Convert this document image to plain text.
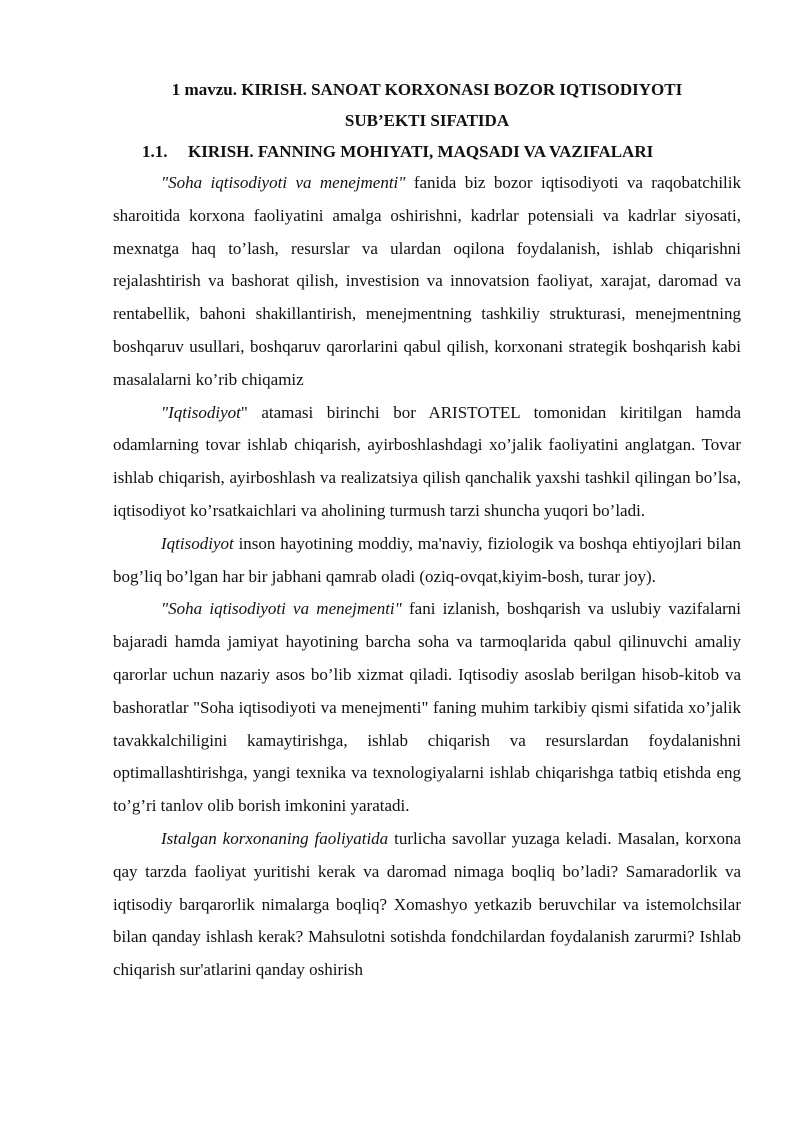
1 mavzu. KIRISH. SANOAT KORXONASI BOZOR IQTISODIYOTI

SUB’EKTI SIFATIDA

1.1. KIRISH. FANNING MOHIYATI, MAQSADI VA VAZIFALARI

"Soha iqtisodiyoti va menejmenti" fanida biz bozor iqtisodiyoti va raqobatchilik sharoitida korxona faoliyatini amalga oshirishni, kadrlar potensiali va kadrlar siyosati, mexnatga haq to’lash, resurslar va ulardan oqilona foydalanish, ishlab chiqarishni rejalashtirish va bashorat qilish, investision va innovatsion faoliyat, xarajat, daromad va rentabellik, bahoni shakillantirish, menejmentning tashkiliy strukturasi, menejmentning boshqaruv usullari, boshqaruv qarorlarini qabul qilish, korxonani strategik boshqarish kabi masalalarni ko’rib chiqamiz

"Iqtisodiyot" atamasi birinchi bor ARISTOTEL tomonidan kiritilgan hamda odamlarning tovar ishlab chiqarish, ayirboshlashdagi xo’jalik faoliyatini anglatgan. Tovar ishlab chiqarish, ayirboshlash va realizatsiya qilish qanchalik yaxshi tashkil qilingan bo’lsa, iqtisodiyot ko’rsatkaichlari va aholining turmush tarzi shuncha yuqori bo’ladi.

Iqtisodiyot inson hayotining moddiy, ma'naviy, fiziologik va boshqa ehtiyojlari bilan bog’liq bo’lgan har bir jabhani qamrab oladi (oziq-ovqat,kiyim-bosh, turar joy).

"Soha iqtisodiyoti va menejmenti" fani izlanish, boshqarish va uslubiy vazifalarni bajaradi hamda jamiyat hayotining barcha soha va tarmoqlarida qabul qilinuvchi amaliy qarorlar uchun nazariy asos bo’lib xizmat qiladi. Iqtisodiy asoslab berilgan hisob-kitob va bashoratlar "Soha iqtisodiyoti va menejmenti" faning muhim tarkibiy qismi sifatida xo’jalik tavakkalchiligini kamaytirishga, ishlab chiqarish va resurslardan foydalanishni optimallashtirishga, yangi texnika va texnologiyalarni ishlab chiqarishga tatbiq etishda eng to’g’ri tanlov olib borish imkonini yaratadi.

Istalgan korxonaning faoliyatida turlicha savollar yuzaga keladi. Masalan, korxona qay tarzda faoliyat yuritishi kerak va daromad nimaga boqliq bo’ladi? Samaradorlik va iqtisodiy barqarorlik nimalarga boqliq? Xomashyo yetkazib beruvchilar va istemolchsilar bilan qanday ishlash kerak? Mahsulotni sotishda fondchilardan foydalanish zarurmi? Ishlab chiqarish sur'atlarini qanday oshirish
